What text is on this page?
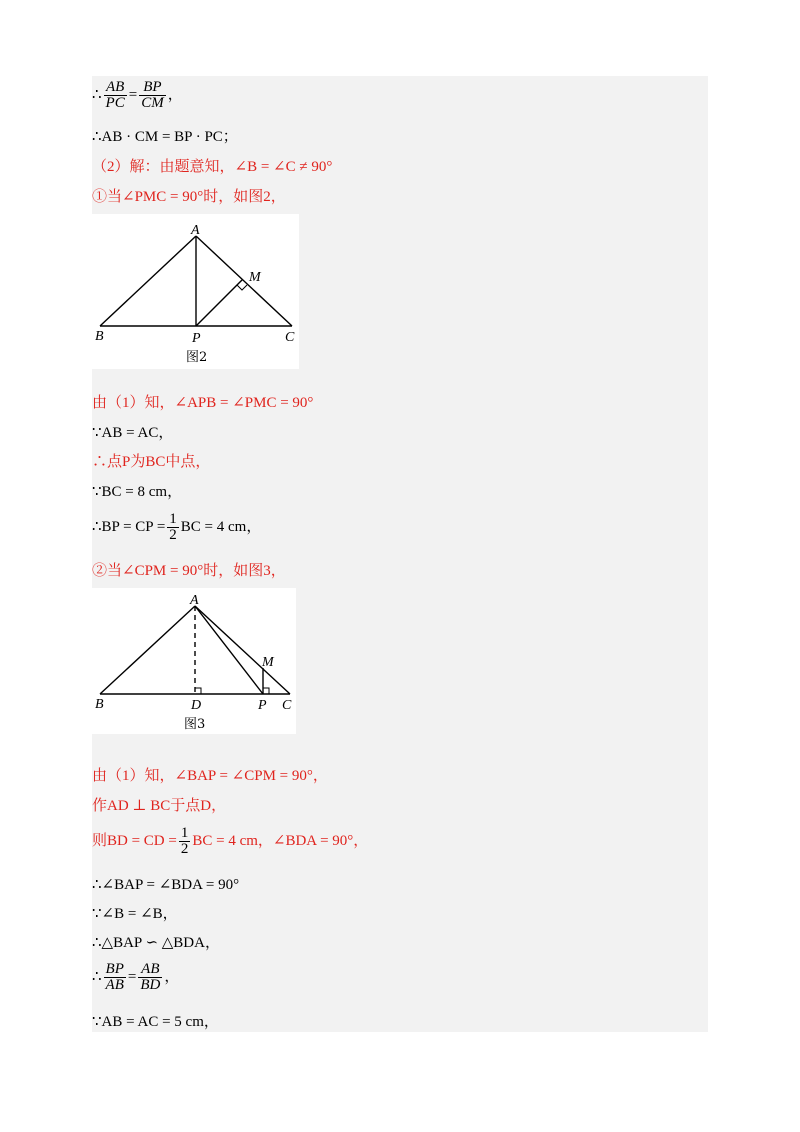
∴ $\frac{AB}{PC} = \frac{BP}{CM}$ ，
∴AB · CM = BP · PC；
（2）解：由题意知，∠B = ∠C ≠ 90°
①当∠PMC = 90°时，如图2，
A
B	C
P
M
图2
由（1）知，∠APB = ∠PMC = 90°
∵AB = AC，
∴点P为BC中点，
∵BC = 8 cm，
∴BP = CP = $\frac{1}{2}$ BC = 4 cm，
②当∠CPM = 90°时，如图3，
A
B	D	P C
M
图3
由（1）知，∠BAP = ∠CPM = 90°，
作AD ⊥ BC于点D，
则BD = CD = $\frac{1}{2}$ BC = 4 cm，∠BDA = 90°，
∴∠BAP = ∠BDA = 90°
∵∠B = ∠B，
∴△BAP ∽ △BDA，
∴ $\frac{BP}{AB} = \frac{AB}{BD}$ ，
∵AB = AC = 5 cm，
